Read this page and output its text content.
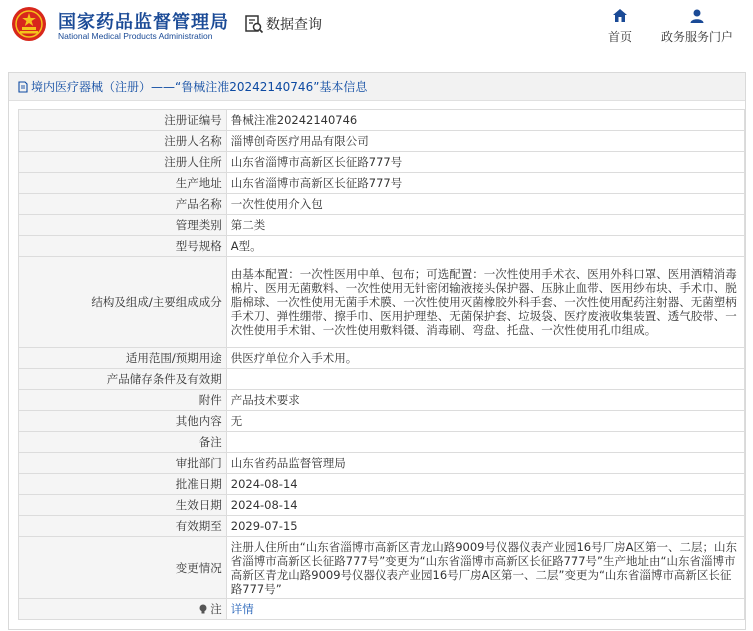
国家药品监督管理局
National Medical Products Administration
数据查询
首页 政务服务门户
境内医疗器械（注册）——“鲁械注准20242140746”基本信息
注册证编号	鲁械注准20242140746
注册人名称	淄博创奇医疗用品有限公司
注册人住所	山东省淄博市高新区长征路777号
生产地址	山东省淄博市高新区长征路777号
产品名称	一次性使用介入包
管理类别	第二类
型号规格	A型。
结构及组成/主要组成成分	由基本配置：一次性医用中单、包布；可选配置：一次性使用手术衣、医用外科口罩、医用酒精消毒棉片、医用无菌敷料、一次性使用无针密闭输液接头保护器、压脉止血带、医用纱布块、手术巾、脱脂棉球、一次性使用无菌手术膜、一次性使用灭菌橡胶外科手套、一次性使用配药注射器、无菌塑柄手术刀、弹性绷带、擦手巾、医用护理垫、无菌保护套、垃圾袋、医疗废液收集装置、透气胶带、一次性使用手术钳、一次性使用敷料镊、消毒刷、弯盘、托盘、一次性使用孔巾组成。
适用范围/预期用途	供医疗单位介入手术用。
产品储存条件及有效期	
附件	产品技术要求
其他内容	无
备注	
审批部门	山东省药品监督管理局
批准日期	2024-08-14
生效日期	2024-08-14
有效期至	2029-07-15
变更情况	注册人住所由“山东省淄博市高新区青龙山路9009号仪器仪表产业园16号厂房A区第一、二层；山东省淄博市高新区长征路777号”变更为“山东省淄博市高新区长征路777号”生产地址由“山东省淄博市高新区青龙山路9009号仪器仪表产业园16号厂房A区第一、二层”变更为“山东省淄博市高新区长征路777号”
注	详情
